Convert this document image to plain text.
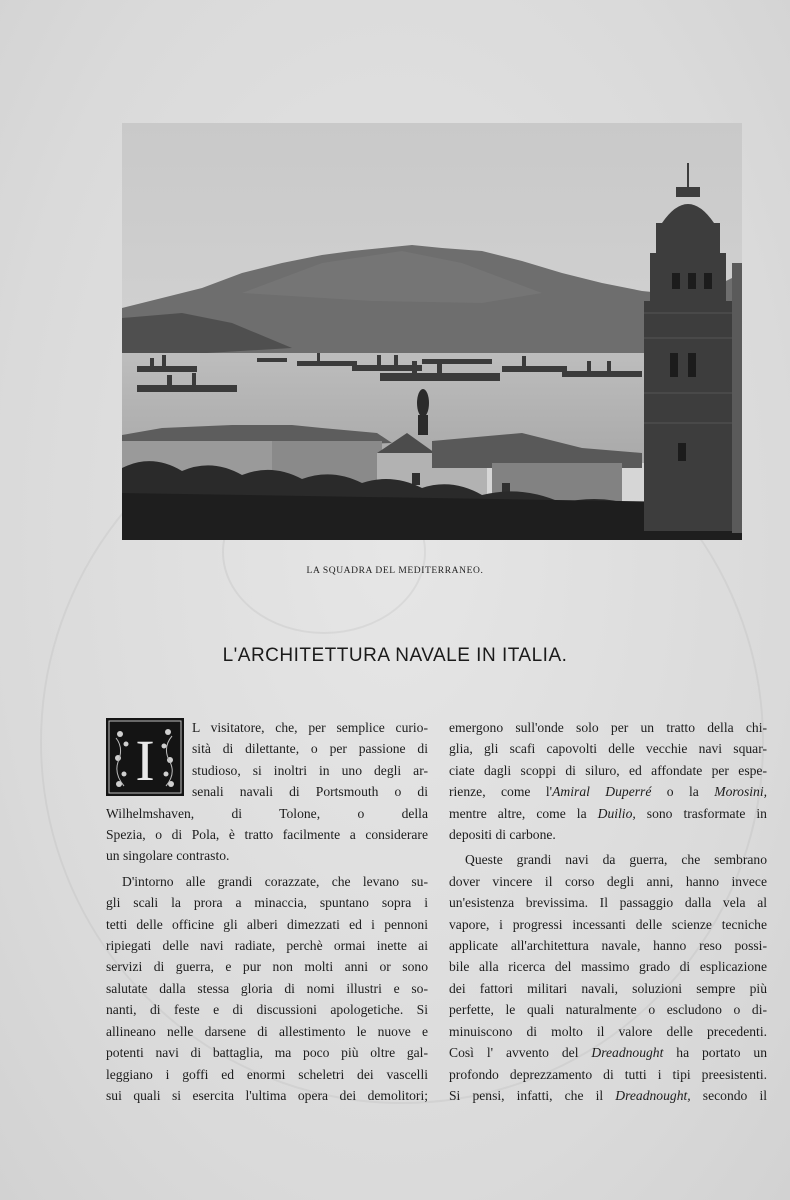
LA SQUADRA DEL MEDITERRANEO.
L'ARCHITETTURA NAVALE IN ITALIA.
I

L visitatore, che, per semplice curio-
sità di dilettante, o per passione di
studioso, si inoltri in uno degli ar-
senali navali di Portsmouth o di
Wilhelmshaven, di Tolone, o della
Spezia, o di Pola, è tratto facilmente a considerare
un singolare contrasto.

D'intorno alle grandi corazzate, che levano su-
gli scali la prora a minaccia, spuntano sopra i
tetti delle officine gli alberi dimezzati ed i pennoni
ripiegati delle navi radiate, perchè ormai inette ai
servizi di guerra, e pur non molti anni or sono
salutate dalla stessa gloria di nomi illustri e so-
nanti, di feste e di discussioni apologetiche. Si
allineano nelle darsene di allestimento le nuove e
potenti navi di battaglia, ma poco più oltre gal-
leggiano i goffi ed enormi scheletri dei vascelli
sui quali si esercita l'ultima opera dei demolitori;

emergono sull'onde solo per un tratto della chi-
glia, gli scafi capovolti delle vecchie navi squar-
ciate dagli scoppi di siluro, ed affondate per espe-
rienze, come l'Amiral Duperré o la Morosini,
mentre altre, come la Duilio, sono trasformate in
depositi di carbone.

Queste grandi navi da guerra, che sembrano
dover vincere il corso degli anni, hanno invece
un'esistenza brevissima. Il passaggio dalla vela al
vapore, i progressi incessanti delle scienze tecniche
applicate all'architettura navale, hanno reso possi-
bile alla ricerca del massimo grado di esplicazione
dei fattori militari navali, soluzioni sempre più
perfette, le quali naturalmente o escludono o di-
minuiscono di molto il valore delle precedenti.
Così l' avvento del Dreadnought ha portato un
profondo deprezzamento di tutti i tipi preesistenti.
Si pensi, infatti, che il Dreadnought, secondo il
